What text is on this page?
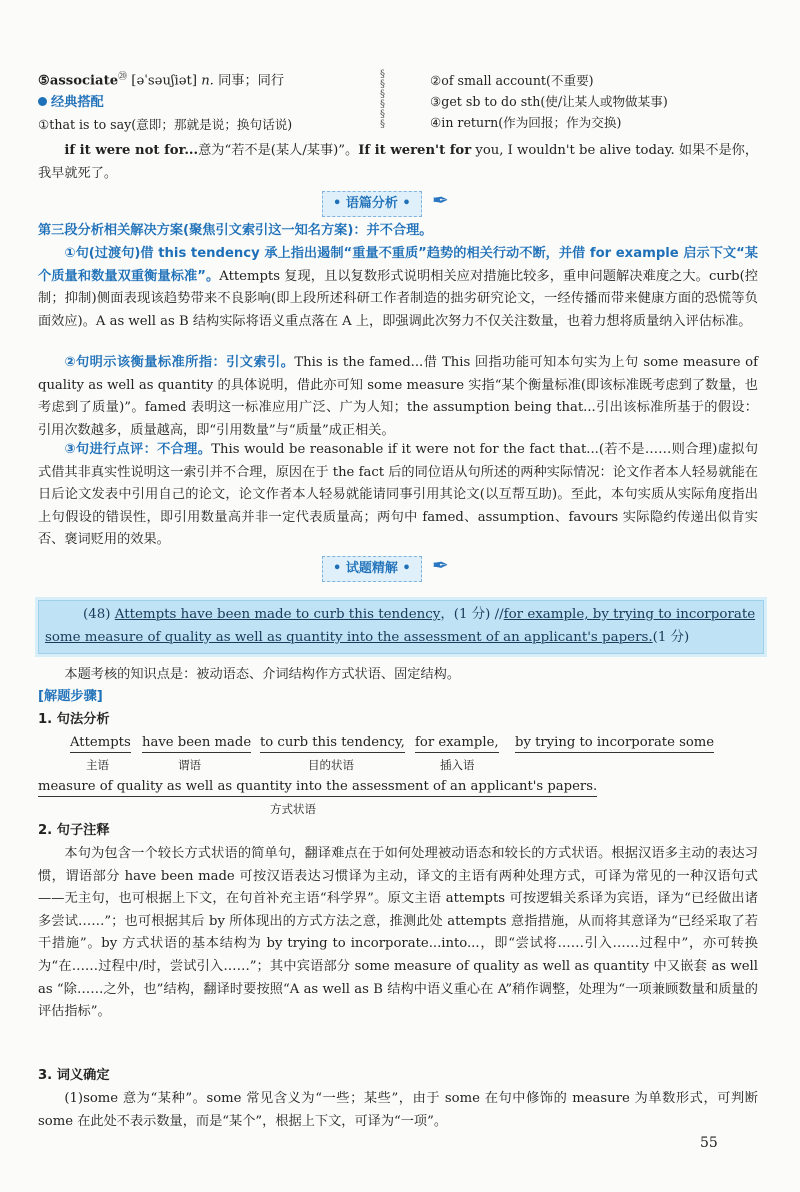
⑤associate⑳ [əˈsəuʃiət] n. 同事；同行
经典搭配
①that is to say(意即；那就是说；换句话说)
§
§
§
§
§
§
②of small account(不重要)
③get sb to do sth(使/让某人或物做某事)
④in return(作为回报；作为交换)

if it were not for...意为“若不是(某人/某事)”。If it weren't for you, I wouldn't be alive today. 如果不是你，我早就死了。

• 语篇分析 •	✒

第三段分析相关解决方案(聚焦引文索引这一知名方案)：并不合理。

①句(过渡句)借 this tendency 承上指出遏制“重量不重质”趋势的相关行动不断，并借 for example 启示下文“某个质量和数量双重衡量标准”。Attempts 复现，且以复数形式说明相关应对措施比较多，重申问题解决难度之大。curb(控制；抑制)侧面表现该趋势带来不良影响(即上段所述科研工作者制造的拙劣研究论文，一经传播而带来健康方面的恐慌等负面效应)。A as well as B 结构实际将语义重点落在 A 上，即强调此次努力不仅关注数量，也着力想将质量纳入评估标准。

②句明示该衡量标准所指：引文索引。This is the famed...借 This 回指功能可知本句实为上句 some measure of quality as well as quantity 的具体说明，借此亦可知 some measure 实指“某个衡量标准(即该标准既考虑到了数量，也考虑到了质量)”。famed 表明这一标准应用广泛、广为人知；the assumption being that...引出该标准所基于的假设：引用次数越多，质量越高，即“引用数量”与“质量”成正相关。

③句进行点评：不合理。This would be reasonable if it were not for the fact that...(若不是……则合理)虚拟句式借其非真实性说明这一索引并不合理，原因在于 the fact 后的同位语从句所述的两种实际情况：论文作者本人轻易就能在日后论文发表中引用自己的论文，论文作者本人轻易就能请同事引用其论文(以互帮互助)。至此，本句实质从实际角度指出上句假设的错误性，即引用数量高并非一定代表质量高；两句中 famed、assumption、favours 实际隐约传递出似肯实否、褒词贬用的效果。

• 试题精解 •	✒
(48) Attempts have been made to curb this tendency，(1 分) //for example, by trying to incorporate
some measure of quality as well as quantity into the assessment of an applicant's papers.(1 分)

本题考核的知识点是：被动语态、介词结构作方式状语、固定结构。

[解题步骤]

1. 句法分析

Attempts have been made to curb this tendency, for example, by trying to incorporate some
主语	谓语	目的状语	插入语
measure of quality as well as quantity into the assessment of an applicant's papers.
方式状语

2. 句子注释

本句为包含一个较长方式状语的简单句，翻译难点在于如何处理被动语态和较长的方式状语。根据汉语多主动的表达习惯，谓语部分 have been made 可按汉语表达习惯译为主动，译文的主语有两种处理方式，可译为常见的一种汉语句式——无主句，也可根据上下文，在句首补充主语“科学界”。原文主语 attempts 可按逻辑关系译为宾语，译为“已经做出诸多尝试……”；也可根据其后 by 所体现出的方式方法之意，推测此处 attempts 意指措施，从而将其意译为“已经采取了若干措施”。by 方式状语的基本结构为 by trying to incorporate...into...，即“尝试将……引入……过程中”，亦可转换为“在……过程中/时，尝试引入……”；其中宾语部分 some measure of quality as well as quantity 中又嵌套 as well as “除……之外，也”结构，翻译时要按照“A as well as B 结构中语义重心在 A”稍作调整，处理为“一项兼顾数量和质量的评估指标”。

3. 词义确定

(1)some 意为“某种”。some 常见含义为“一些；某些”，由于 some 在句中修饰的 measure 为单数形式，可判断 some 在此处不表示数量，而是“某个”，根据上下文，可译为“一项”。

55
